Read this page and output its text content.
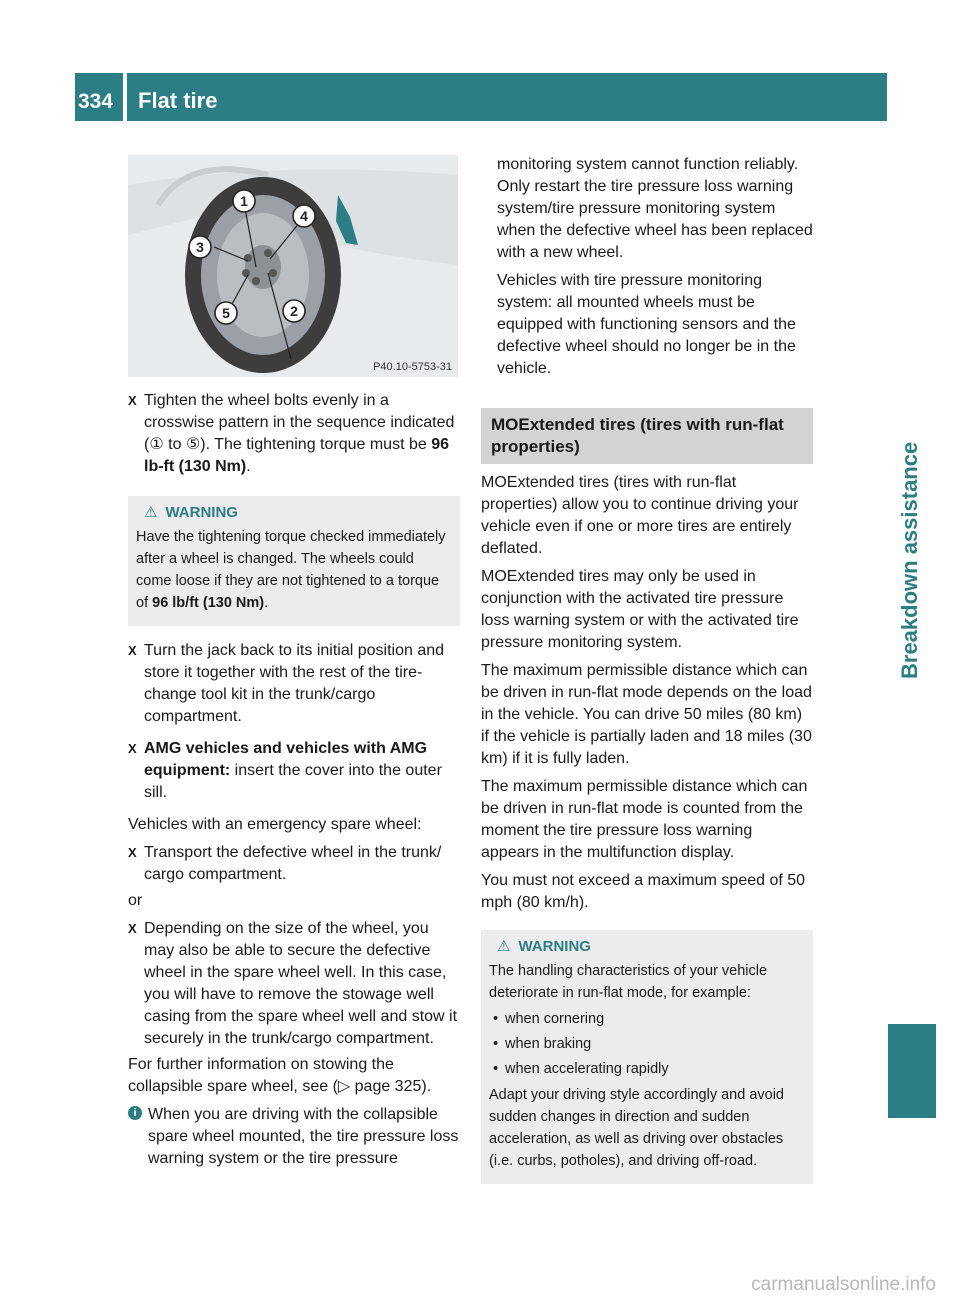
334	Flat tire
Breakdown assistance
1
2
3
4
5
P40.10-5753-31
X Tighten the wheel bolts evenly in a crosswise pattern in the sequence indicated (① to ⑤). The tightening torque must be 96 lb-ft (130 Nm).
⚠ WARNING

Have the tightening torque checked immediately after a wheel is changed. The wheels could come loose if they are not tightened to a torque of 96 lb/ft (130 Nm).

X Turn the jack back to its initial position and store it together with the rest of the tire-change tool kit in the trunk/cargo compartment.
X AMG vehicles and vehicles with AMG equipment: insert the cover into the outer sill.

Vehicles with an emergency spare wheel:

X Transport the defective wheel in the trunk/ cargo compartment.

or

X Depending on the size of the wheel, you may also be able to secure the defective wheel in the spare wheel well. In this case, you will have to remove the stowage well casing from the spare wheel well and stow it securely in the trunk/cargo compartment.

For further information on stowing the collapsible spare wheel, see (▷ page 325).

i When you are driving with the collapsible spare wheel mounted, the tire pressure loss warning system or the tire pressure

monitoring system cannot function reliably. Only restart the tire pressure loss warning system/tire pressure monitoring system when the defective wheel has been replaced with a new wheel.

Vehicles with tire pressure monitoring system: all mounted wheels must be equipped with functioning sensors and the defective wheel should no longer be in the vehicle.

MOExtended tires (tires with run-flat properties)

MOExtended tires (tires with run-flat properties) allow you to continue driving your vehicle even if one or more tires are entirely deflated.

MOExtended tires may only be used in conjunction with the activated tire pressure loss warning system or with the activated tire pressure monitoring system.

The maximum permissible distance which can be driven in run-flat mode depends on the load in the vehicle. You can drive 50 miles (80 km) if the vehicle is partially laden and 18 miles (30 km) if it is fully laden.

The maximum permissible distance which can be driven in run-flat mode is counted from the moment the tire pressure loss warning appears in the multifunction display.

You must not exceed a maximum speed of 50 mph (80 km/h).

⚠ WARNING

The handling characteristics of your vehicle deteriorate in run-flat mode, for example:

• when cornering
• when braking
• when accelerating rapidly

Adapt your driving style accordingly and avoid sudden changes in direction and sudden acceleration, as well as driving over obstacles (i.e. curbs, potholes), and driving off-road.

carmanualsonline.info
